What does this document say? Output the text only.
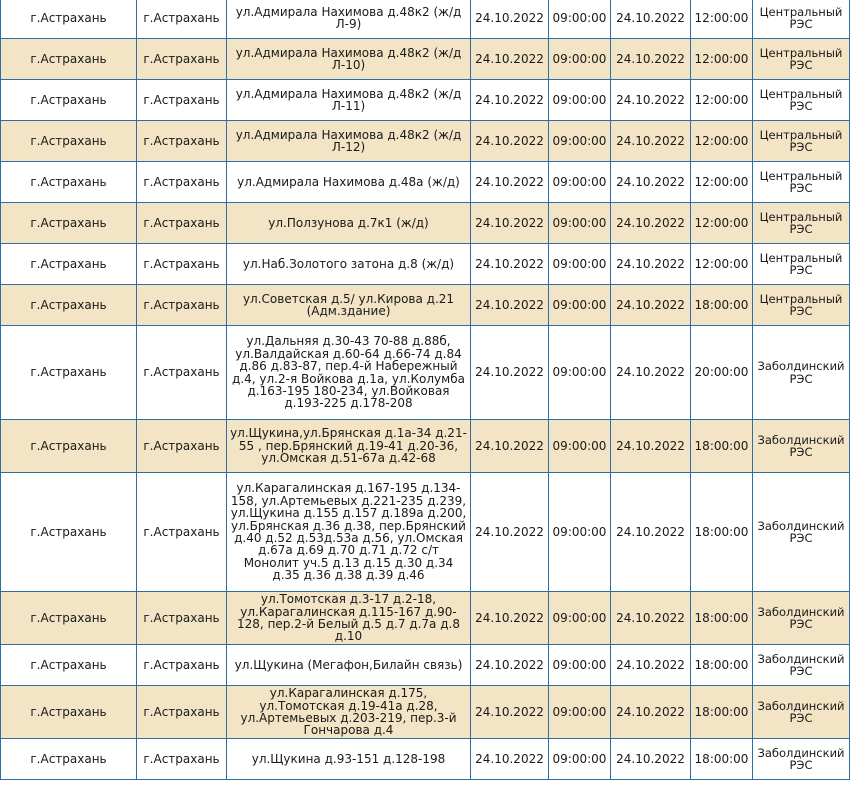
г.Астрахань	г.Астрахань	ул.Адмирала Нахимова д.48к2 (ж/д Л-9)	24.10.2022	09:00:00	24.10.2022	12:00:00	Центральный РЭС	
г.Астрахань	г.Астрахань	ул.Адмирала Нахимова д.48к2 (ж/д Л-10)	24.10.2022	09:00:00	24.10.2022	12:00:00	Центральный РЭС	
г.Астрахань	г.Астрахань	ул.Адмирала Нахимова д.48к2 (ж/д Л-11)	24.10.2022	09:00:00	24.10.2022	12:00:00	Центральный РЭС	
г.Астрахань	г.Астрахань	ул.Адмирала Нахимова д.48к2 (ж/д Л-12)	24.10.2022	09:00:00	24.10.2022	12:00:00	Центральный РЭС	
г.Астрахань	г.Астрахань	ул.Адмирала Нахимова д.48а (ж/д)	24.10.2022	09:00:00	24.10.2022	12:00:00	Центральный РЭС	
г.Астрахань	г.Астрахань	ул.Ползунова д.7к1 (ж/д)	24.10.2022	09:00:00	24.10.2022	12:00:00	Центральный РЭС	
г.Астрахань	г.Астрахань	ул.Наб.Золотого затона д.8 (ж/д)	24.10.2022	09:00:00	24.10.2022	12:00:00	Центральный РЭС	
г.Астрахань	г.Астрахань	ул.Советская д.5/ ул.Кирова д.21 (Адм.здание)	24.10.2022	09:00:00	24.10.2022	18:00:00	Центральный РЭС	
г.Астрахань	г.Астрахань	ул.Дальняя д.30-43 70-88 д.88б, ул.Валдайская д.60-64 д.66-74 д.84 д.86 д.83-87, пер.4-й Набережный д.4, ул.2-я Войкова д.1а, ул.Колумба д.163-195 180-234, ул.Войковая д.193-225 д.178-208	24.10.2022	09:00:00	24.10.2022	20:00:00	Заболдинский РЭС	
г.Астрахань	г.Астрахань	ул.Щукина,ул.Брянская д.1а-34 д.21-55 , пер.Брянский д.19-41 д.20-36, ул.Омская д.51-67а д.42-68	24.10.2022	09:00:00	24.10.2022	18:00:00	Заболдинский РЭС	
г.Астрахань	г.Астрахань	ул.Карагалинская д.167-195 д.134-158, ул.Артемьевых д.221-235 д.239, ул.Щукина д.155 д.157 д.189а д.200, ул.Брянская д.36 д.38, пер.Брянский д.40 д.52 д.53д.53а д.56, ул.Омская д.67а д.69 д.70 д.71 д.72 с/т Монолит уч.5 д.13 д.15 д.30 д.34 д.35 д.36 д.38 д.39 д.46	24.10.2022	09:00:00	24.10.2022	18:00:00	Заболдинский РЭС	
г.Астрахань	г.Астрахань	ул.Томотская д.3-17 д.2-18, ул.Карагалинская д.115-167 д.90-128, пер.2-й Белый д.5 д.7 д.7а д.8 д.10	24.10.2022	09:00:00	24.10.2022	18:00:00	Заболдинский РЭС	
г.Астрахань	г.Астрахань	ул.Щукина (Мегафон,Билайн связь)	24.10.2022	09:00:00	24.10.2022	18:00:00	Заболдинский РЭС	
г.Астрахань	г.Астрахань	ул.Карагалинская д.175, ул.Томотская д.19-41а д.28, ул.Артемьевых д.203-219, пер.3-й Гончарова д.4	24.10.2022	09:00:00	24.10.2022	18:00:00	Заболдинский РЭС	
г.Астрахань	г.Астрахань	ул.Щукина д.93-151 д.128-198	24.10.2022	09:00:00	24.10.2022	18:00:00	Заболдинский РЭС	
